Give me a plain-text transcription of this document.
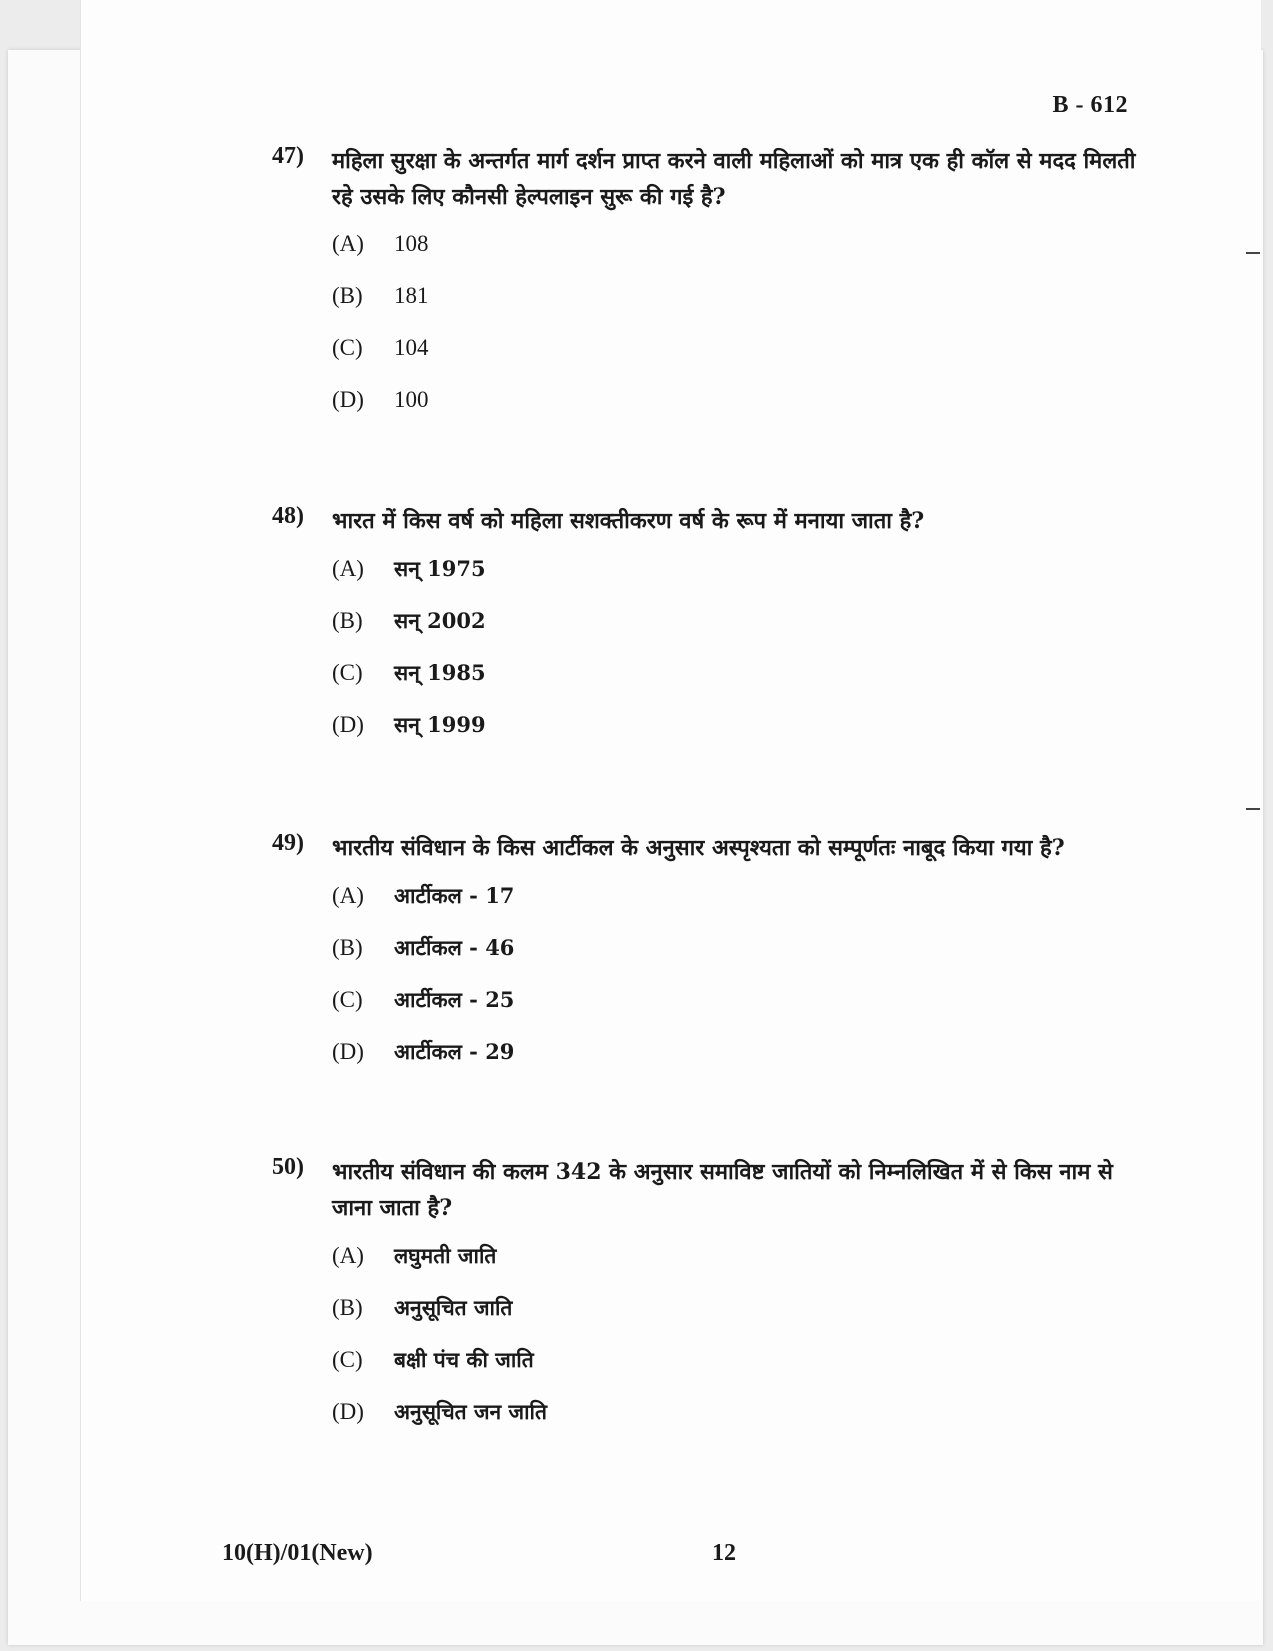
B - 612
47) महिला सुरक्षा के अन्तर्गत मार्ग दर्शन प्राप्त करने वाली महिलाओं को मात्र एक ही कॉल से मदद मिलती रहे उसके लिए कौनसी हेल्पलाइन सुरू की गई है?
(A)	108
(B)	181
(C)	104
(D)	100
48) भारत में किस वर्ष को महिला सशक्तीकरण वर्ष के रूप में मनाया जाता है?
(A)	सन् 1975
(B)	सन् 2002
(C)	सन् 1985
(D)	सन् 1999
49) भारतीय संविधान के किस आर्टीकल के अनुसार अस्पृश्यता को सम्पूर्णतः नाबूद किया गया है?
(A)	आर्टीकल - 17
(B)	आर्टीकल - 46
(C)	आर्टीकल - 25
(D)	आर्टीकल - 29
50) भारतीय संविधान की कलम 342 के अनुसार समाविष्ट जातियों को निम्नलिखित में से किस नाम से जाना जाता है?
(A)	लघुमती जाति
(B)	अनुसूचित जाति
(C)	बक्षी पंच की जाति
(D)	अनुसूचित जन जाति
10(H)/01(New)	12
